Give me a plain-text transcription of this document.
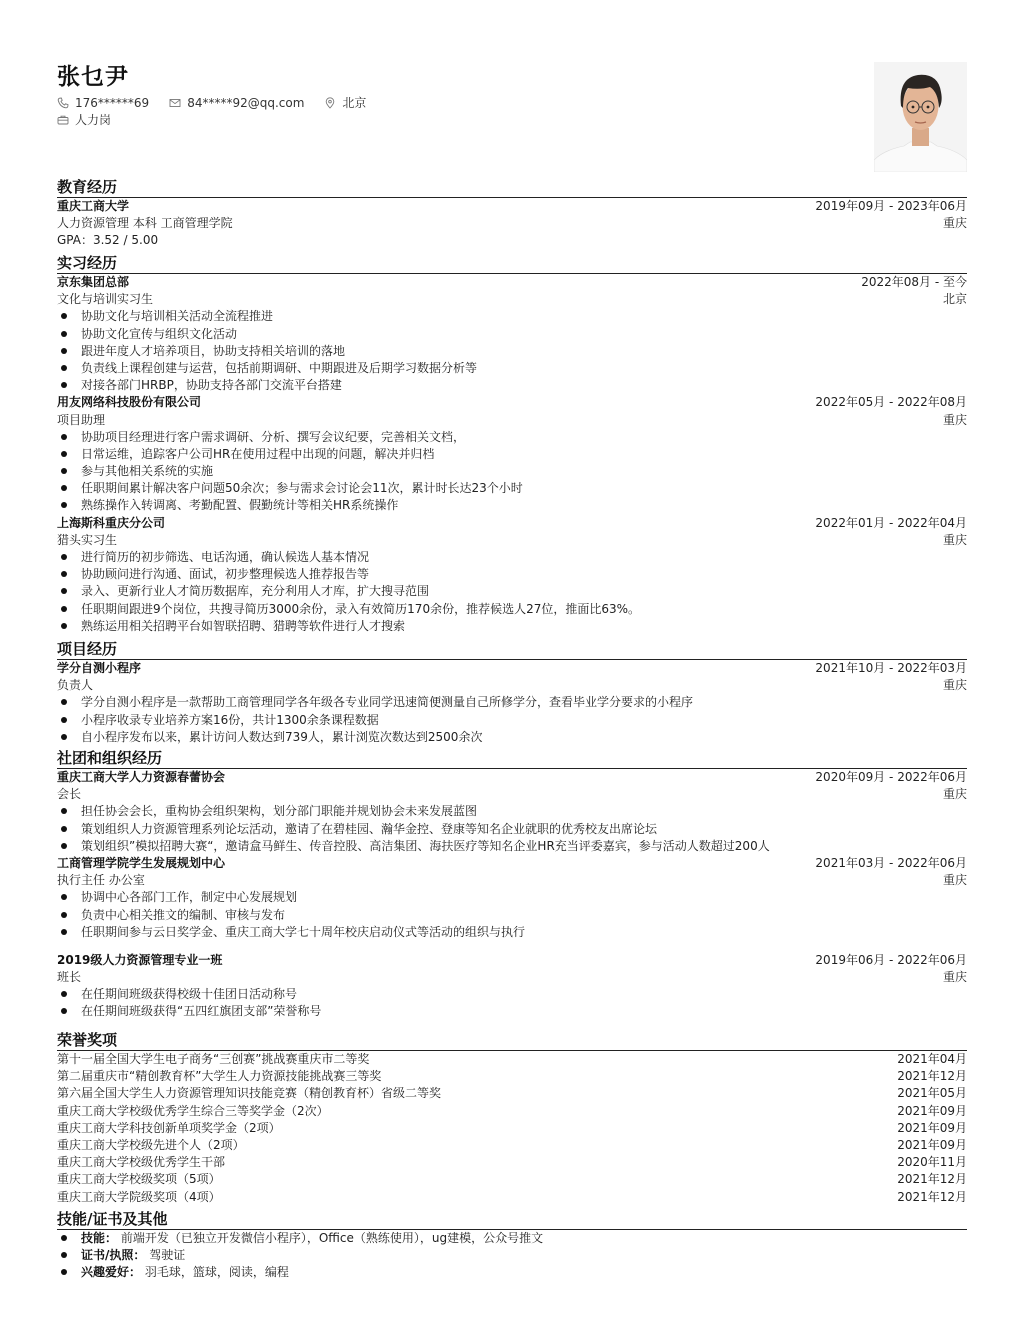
张乜尹
176******69	84*****92@qq.com	北京
人力岗
教育经历
重庆工商大学	2019年09月 - 2023年06月
人力资源管理 本科 工商管理学院	重庆
GPA：3.52 / 5.00
实习经历
京东集团总部	2022年08月 - 至今
文化与培训实习生	北京
协助文化与培训相关活动全流程推进
协助文化宣传与组织文化活动
跟进年度人才培养项目，协助支持相关培训的落地
负责线上课程创建与运营，包括前期调研、中期跟进及后期学习数据分析等
对接各部门HRBP，协助支持各部门交流平台搭建
用友网络科技股份有限公司	2022年05月 - 2022年08月
项目助理	重庆
协助项目经理进行客户需求调研、分析、撰写会议纪要，完善相关文档，
日常运维，追踪客户公司HR在使用过程中出现的问题，解决并归档
参与其他相关系统的实施
任职期间累计解决客户问题50余次；参与需求会讨论会11次，累计时长达23个小时
熟练操作入转调离、考勤配置、假勤统计等相关HR系统操作
上海斯科重庆分公司	2022年01月 - 2022年04月
猎头实习生	重庆
进行简历的初步筛选、电话沟通，确认候选人基本情况
协助顾问进行沟通、面试，初步整理候选人推荐报告等
录入、更新行业人才简历数据库，充分利用人才库，扩大搜寻范围
任职期间跟进9个岗位，共搜寻简历3000余份，录入有效简历170余份，推荐候选人27位，推面比63%。
熟练运用相关招聘平台如智联招聘、猎聘等软件进行人才搜索
项目经历
学分自测小程序	2021年10月 - 2022年03月
负责人	重庆
学分自测小程序是一款帮助工商管理同学各年级各专业同学迅速简便测量自己所修学分，查看毕业学分要求的小程序
小程序收录专业培养方案16份，共计1300余条课程数据
自小程序发布以来，累计访问人数达到739人，累计浏览次数达到2500余次
社团和组织经历
重庆工商大学人力资源春蕾协会	2020年09月 - 2022年06月
会长	重庆
担任协会会长，重构协会组织架构，划分部门职能并规划协会未来发展蓝图
策划组织人力资源管理系列论坛活动，邀请了在碧桂园、瀚华金控、登康等知名企业就职的优秀校友出席论坛
策划组织”模拟招聘大赛“，邀请盒马鲜生、传音控股、高洁集团、海扶医疗等知名企业HR充当评委嘉宾，参与活动人数超过200人
工商管理学院学生发展规划中心	2021年03月 - 2022年06月
执行主任 办公室	重庆
协调中心各部门工作，制定中心发展规划
负责中心相关推文的编制、审核与发布
任职期间参与云日奖学金、重庆工商大学七十周年校庆启动仪式等活动的组织与执行
2019级人力资源管理专业一班	2019年06月 - 2022年06月
班长	重庆
在任期间班级获得校级十佳团日活动称号
在任期间班级获得“五四红旗团支部”荣誉称号
荣誉奖项
第十一届全国大学生电子商务“三创赛”挑战赛重庆市二等奖	2021年04月
第二届重庆市“精创教育杯”大学生人力资源技能挑战赛三等奖	2021年12月
第六届全国大学生人力资源管理知识技能竞赛（精创教育杯）省级二等奖	2021年05月
重庆工商大学校级优秀学生综合三等奖学金（2次）	2021年09月
重庆工商大学科技创新单项奖学金（2项）	2021年09月
重庆工商大学校级先进个人（2项）	2021年09月
重庆工商大学校级优秀学生干部	2020年11月
重庆工商大学校级奖项（5项）	2021年12月
重庆工商大学院级奖项（4项）	2021年12月
技能/证书及其他
技能： 前端开发（已独立开发微信小程序），Office（熟练使用），ug建模，公众号推文
证书/执照： 驾驶证
兴趣爱好： 羽毛球，篮球，阅读，编程
